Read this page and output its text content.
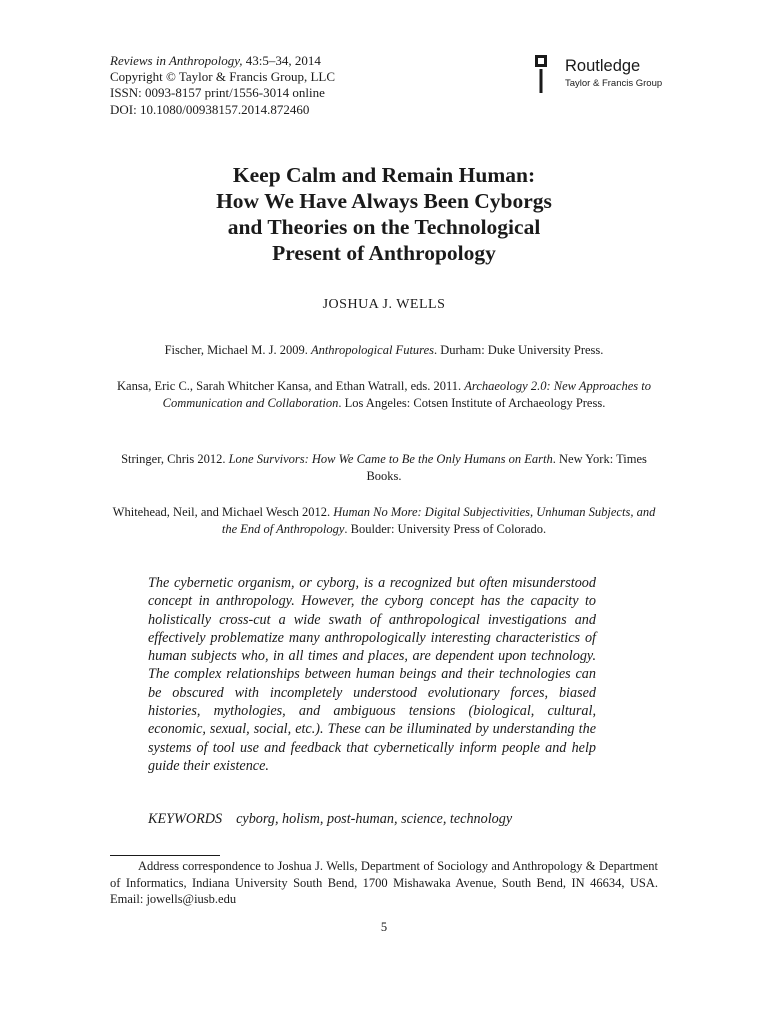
Reviews in Anthropology, 43:5–34, 2014
Copyright © Taylor & Francis Group, LLC
ISSN: 0093-8157 print/1556-3014 online
DOI: 10.1080/00938157.2014.872460
Routledge
Taylor & Francis Group
Keep Calm and Remain Human:
How We Have Always Been Cyborgs
and Theories on the Technological
Present of Anthropology
JOSHUA J. WELLS
Fischer, Michael M. J. 2009. Anthropological Futures. Durham: Duke University Press.
Kansa, Eric C., Sarah Whitcher Kansa, and Ethan Watrall, eds. 2011. Archaeology 2.0: New Approaches to Communication and Collaboration. Los Angeles: Cotsen Institute of Archaeology Press.
Stringer, Chris 2012. Lone Survivors: How We Came to Be the Only Humans on Earth. New York: Times Books.
Whitehead, Neil, and Michael Wesch 2012. Human No More: Digital Subjectivities, Unhuman Subjects, and the End of Anthropology. Boulder: University Press of Colorado.
The cybernetic organism, or cyborg, is a recognized but often misunderstood concept in anthropology. However, the cyborg concept has the capacity to holistically cross-cut a wide swath of anthropological investigations and effectively problematize many anthropologically interesting characteristics of human subjects who, in all times and places, are dependent upon technology. The complex relationships between human beings and their technologies can be obscured with incompletely understood evolutionary forces, biased histories, mythologies, and ambiguous tensions (biological, cultural, economic, sexual, social, etc.). These can be illuminated by understanding the systems of tool use and feedback that cybernetically inform people and help guide their existence.
KEYWORDS cyborg, holism, post-human, science, technology
Address correspondence to Joshua J. Wells, Department of Sociology and Anthropology & Department of Informatics, Indiana University South Bend, 1700 Mishawaka Avenue, South Bend, IN 46634, USA. Email: jowells@iusb.edu
5
